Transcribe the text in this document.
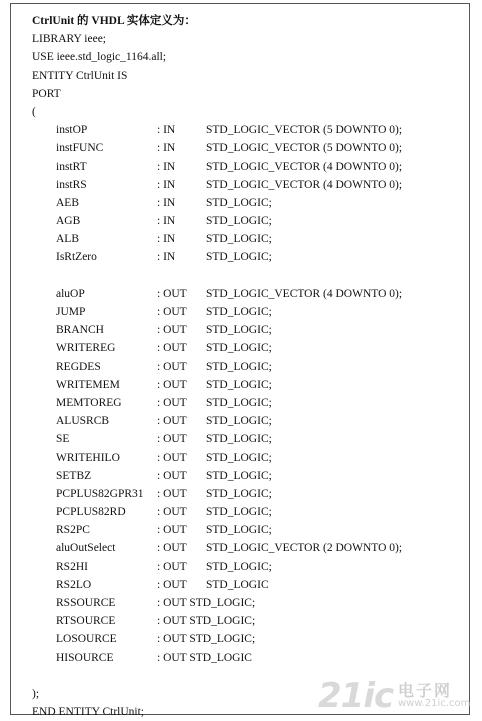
CtrlUnit 的 VHDL 实体定义为：
LIBRARY ieee;
USE ieee.std_logic_1164.all;
ENTITY CtrlUnit IS
PORT
(
instOP	: IN	STD_LOGIC_VECTOR (5 DOWNTO 0);
instFUNC	: IN	STD_LOGIC_VECTOR (5 DOWNTO 0);
instRT	: IN	STD_LOGIC_VECTOR (4 DOWNTO 0);
instRS	: IN	STD_LOGIC_VECTOR (4 DOWNTO 0);
AEB	: IN	STD_LOGIC;
AGB	: IN	STD_LOGIC;
ALB	: IN	STD_LOGIC;
IsRtZero	: IN	STD_LOGIC;
aluOP	: OUT STD_LOGIC_VECTOR (4 DOWNTO 0);
JUMP	: OUT STD_LOGIC;
BRANCH	: OUT STD_LOGIC;
WRITEREG	: OUT STD_LOGIC;
REGDES	: OUT STD_LOGIC;
WRITEMEM	: OUT STD_LOGIC;
MEMTOREG	: OUT STD_LOGIC;
ALUSRCB	: OUT STD_LOGIC;
SE	: OUT STD_LOGIC;
WRITEHILO	: OUT STD_LOGIC;
SETBZ	: OUT STD_LOGIC;
PCPLUS82GPR31 : OUT STD_LOGIC;
PCPLUS82RD	: OUT STD_LOGIC;
RS2PC	: OUT STD_LOGIC;
aluOutSelect	: OUT STD_LOGIC_VECTOR (2 DOWNTO 0);
RS2HI	: OUT STD_LOGIC;
RS2LO	: OUT STD_LOGIC
RSSOURCE	: OUT STD_LOGIC;
RTSOURCE	: OUT STD_LOGIC;
LOSOURCE	: OUT STD_LOGIC;
HISOURCE	: OUT STD_LOGIC
);
END ENTITY CtrlUnit;	21ic 电子网
www.21ic.com
